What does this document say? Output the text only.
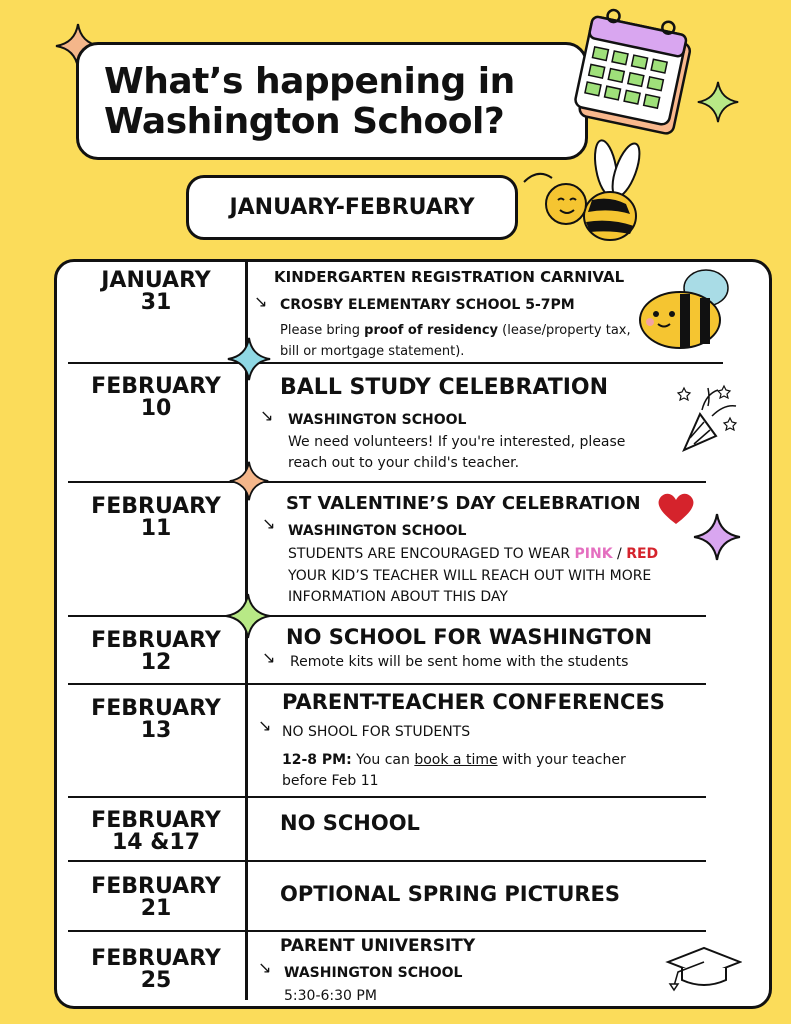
What’s happening in
Washington School?
JANUARY-FEBRUARY
JANUARY
31
KINDERGARTEN REGISTRATION CARNIVAL
↘ CROSBY ELEMENTARY SCHOOL 5-7PM
Please bring proof of residency (lease/property tax, bill or mortgage statement).
FEBRUARY
10
BALL STUDY CELEBRATION
↘ WASHINGTON SCHOOL
We need volunteers! If you're interested, please reach out to your child's teacher.
FEBRUARY
11
ST VALENTINE’S DAY CELEBRATION
↘ WASHINGTON SCHOOL
STUDENTS ARE ENCOURAGED TO WEAR PINK / RED
YOUR KID’S TEACHER WILL REACH OUT WITH MORE INFORMATION ABOUT THIS DAY
FEBRUARY
12
NO SCHOOL FOR WASHINGTON
↘ Remote kits will be sent home with the students
FEBRUARY
13
PARENT-TEACHER CONFERENCES
↘ NO SHOOL FOR STUDENTS
12-8 PM: You can book a time with your teacher before Feb 11
FEBRUARY
14 &17
NO SCHOOL
FEBRUARY
21
OPTIONAL SPRING PICTURES
FEBRUARY
25
PARENT UNIVERSITY
↘ WASHINGTON SCHOOL
5:30-6:30 PM
